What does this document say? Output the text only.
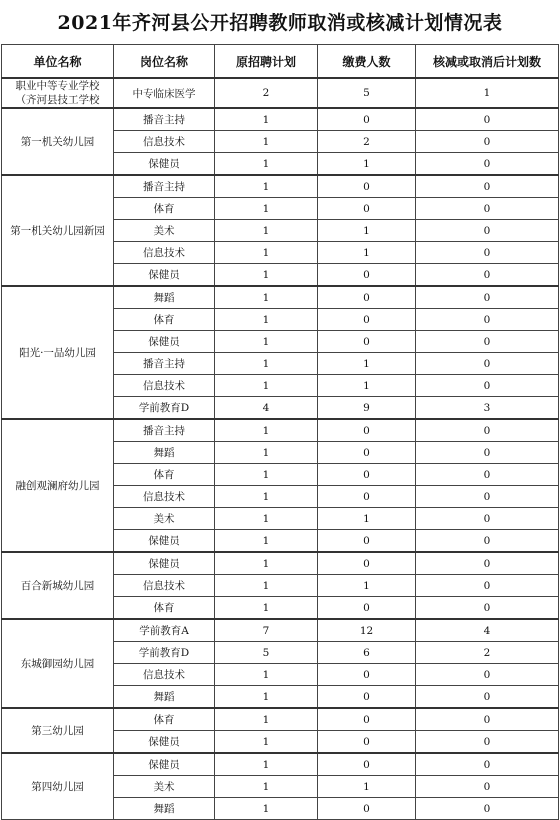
2021年齐河县公开招聘教师取消或核减计划情况表
单位名称	岗位名称	原招聘计划	缴费人数	核减或取消后计划数
职业中等专业学校
（齐河县技工学校	中专临床医学	2	5	1
第一机关幼儿园	播音主持	1	0	0
	信息技术	1	2	0
	保健员	1	1	0
第一机关幼儿园新园	播音主持	1	0	0
	体育	1	0	0
	美术	1	1	0
	信息技术	1	1	0
	保健员	1	0	0
阳光·一品幼儿园	舞蹈	1	0	0
	体育	1	0	0
	保健员	1	0	0
	播音主持	1	1	0
	信息技术	1	1	0
	学前教育D	4	9	3
融创观澜府幼儿园	播音主持	1	0	0
	舞蹈	1	0	0
	体育	1	0	0
	信息技术	1	0	0
	美术	1	1	0
	保健员	1	0	0
百合新城幼儿园	保健员	1	0	0
	信息技术	1	1	0
	体育	1	0	0
东城御园幼儿园	学前教育A	7	12	4
	学前教育D	5	6	2
	信息技术	1	0	0
	舞蹈	1	0	0
第三幼儿园	体育	1	0	0
	保健员	1	0	0
第四幼儿园	保健员	1	0	0
	美术	1	1	0
	舞蹈	1	0	0
